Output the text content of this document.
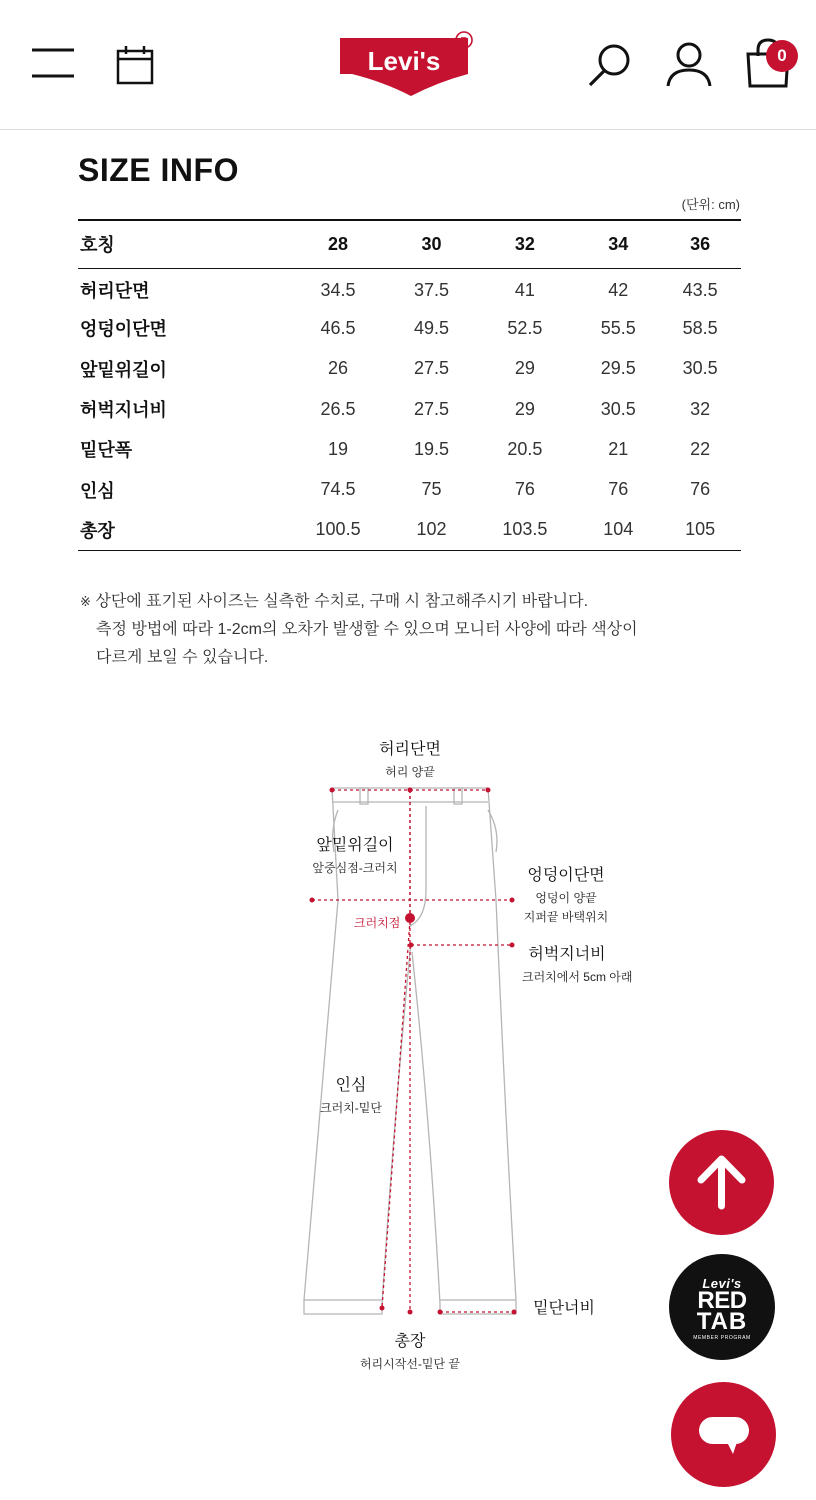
R
Levi's	0
SIZE INFO
(단위: cm)
호칭	28	30	32	34	36
허리단면	34.5	37.5	41	42	43.5
엉덩이단면	46.5	49.5	52.5	55.5	58.5
앞밑위길이	26	27.5	29	29.5	30.5
허벅지너비	26.5	27.5	29	30.5	32
밑단폭	19	19.5	20.5	21	22
인심	74.5	75	76	76	76
총장	100.5	102	103.5	104	105
※ 상단에 표기된 사이즈는 실측한 수치로, 구매 시 참고해주시기 바랍니다.
측정 방법에 따라 1-2cm의 오차가 발생할 수 있으며 모니터 사양에 따라 색상이
다르게 보일 수 있습니다.
허리단면
허리 양끝
앞밑위길이
앞중심점-크러치	엉덩이단면
엉덩이 양끝
지퍼끝 바택위치
크러치점
허벅지너비
크러치에서 5cm 아래
인심
크러치-밑단
밑단너비
총장
허리시작선-밑단 끝
Levi's
RED
TAB
MEMBER PROGRAM
